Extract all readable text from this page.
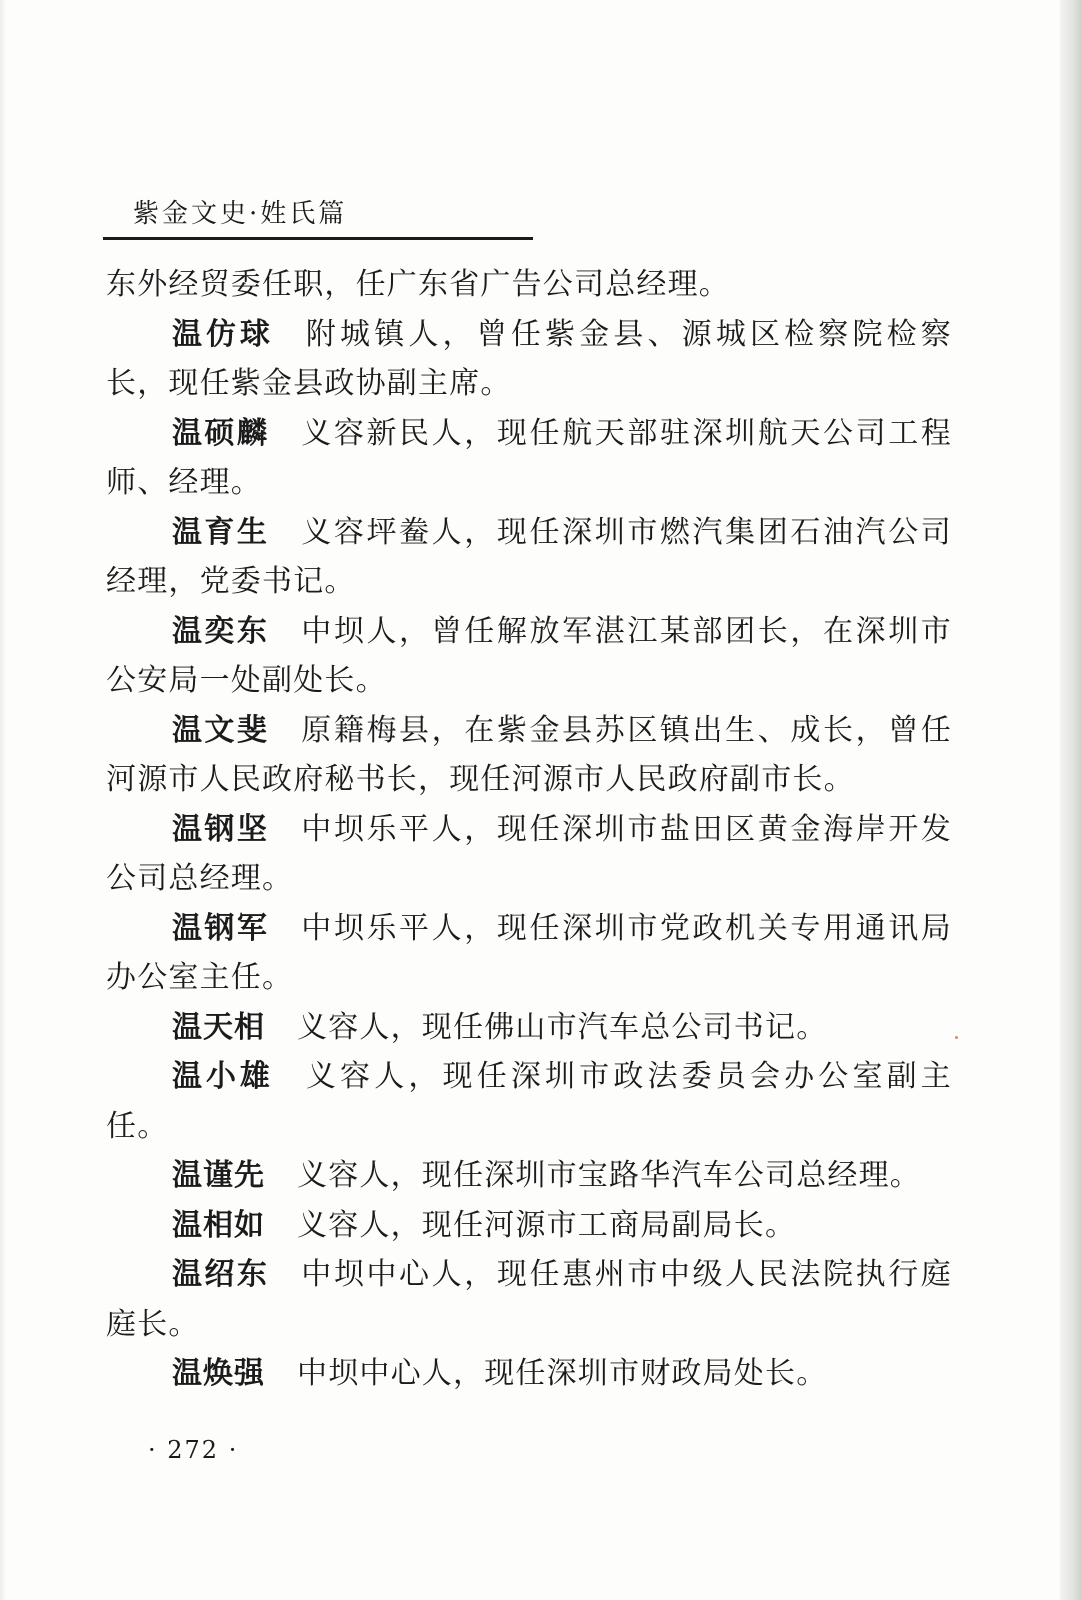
紫金文史·姓氏篇

东外经贸委任职，任广东省广告公司总经理。

温仿球 附城镇人，曾任紫金县、源城区检察院检察长，现任紫金县政协副主席。

温硕麟 义容新民人，现任航天部驻深圳航天公司工程师、经理。

温育生 义容坪鲞人，现任深圳市燃汽集团石油汽公司经理，党委书记。

温奕东 中坝人，曾任解放军湛江某部团长，在深圳市公安局一处副处长。

温文斐 原籍梅县，在紫金县苏区镇出生、成长，曾任河源市人民政府秘书长，现任河源市人民政府副市长。

温钢坚 中坝乐平人，现任深圳市盐田区黄金海岸开发公司总经理。

温钢军 中坝乐平人，现任深圳市党政机关专用通讯局办公室主任。

温天相 义容人，现任佛山市汽车总公司书记。

温小雄 义容人，现任深圳市政法委员会办公室副主任。

温谨先 义容人，现任深圳市宝路华汽车公司总经理。

温相如 义容人，现任河源市工商局副局长。

温绍东 中坝中心人，现任惠州市中级人民法院执行庭庭长。

温焕强 中坝中心人，现任深圳市财政局处长。

· 272 ·
